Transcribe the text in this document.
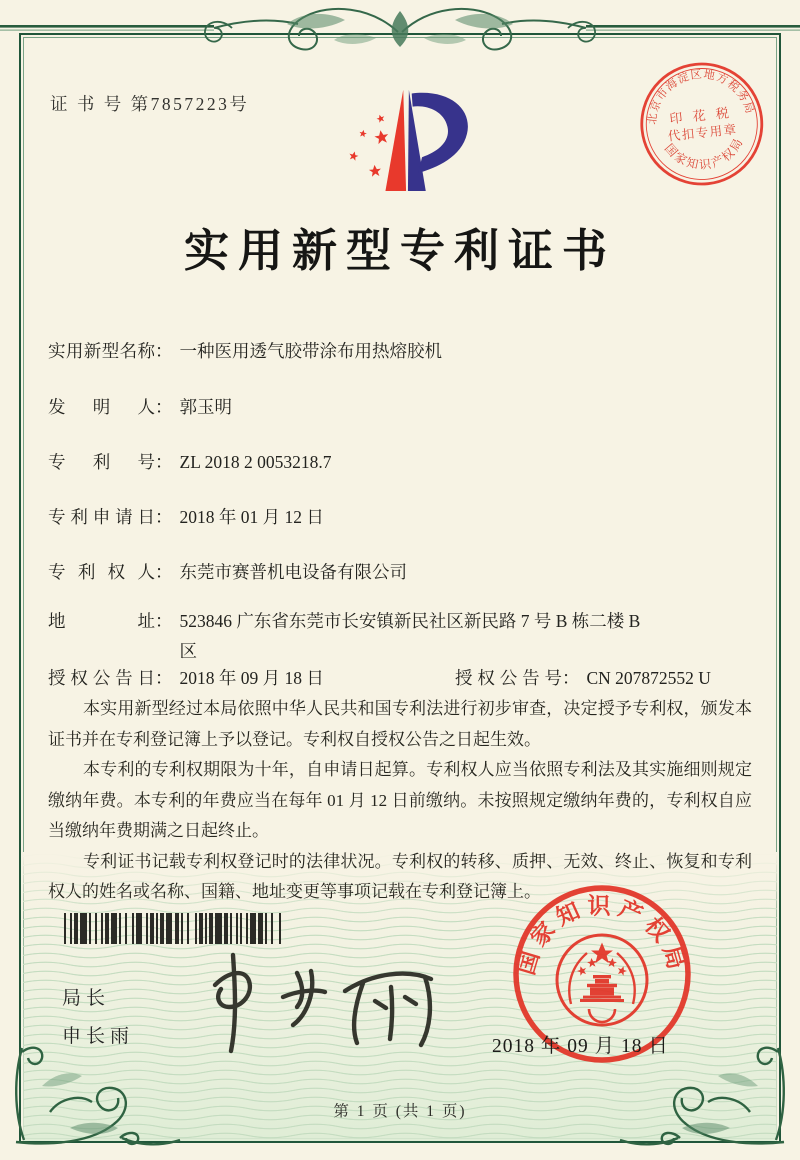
证 书 号 第7857223号
北京市海淀区地方税务局
印 花 税
代扣专用章
国家知识产权局
实用新型专利证书
实用新型名称： 一种医用透气胶带涂布用热熔胶机
发明人： 郭玉明
专利号： ZL 2018 2 0053218.7
专利申请日： 2018 年 01 月 12 日
专利权人： 东莞市赛普机电设备有限公司
地址： 523846 广东省东莞市长安镇新民社区新民路 7 号 B 栋二楼 B 区
授权公告日： 2018 年 09 月 18 日	授权公告号： CN 207872552 U

本实用新型经过本局依照中华人民共和国专利法进行初步审查，决定授予专利权，颁发本证书并在专利登记簿上予以登记。专利权自授权公告之日起生效。

本专利的专利权期限为十年，自申请日起算。专利权人应当依照专利法及其实施细则规定缴纳年费。本专利的年费应当在每年 01 月 12 日前缴纳。未按照规定缴纳年费的，专利权自应当缴纳年费期满之日起终止。

专利证书记载专利权登记时的法律状况。专利权的转移、质押、无效、终止、恢复和专利权人的姓名或名称、国籍、地址变更等事项记载在专利登记簿上。

局长
申长雨
国家知识产权局
2018 年 09 月 18 日
第 1 页 (共 1 页)
